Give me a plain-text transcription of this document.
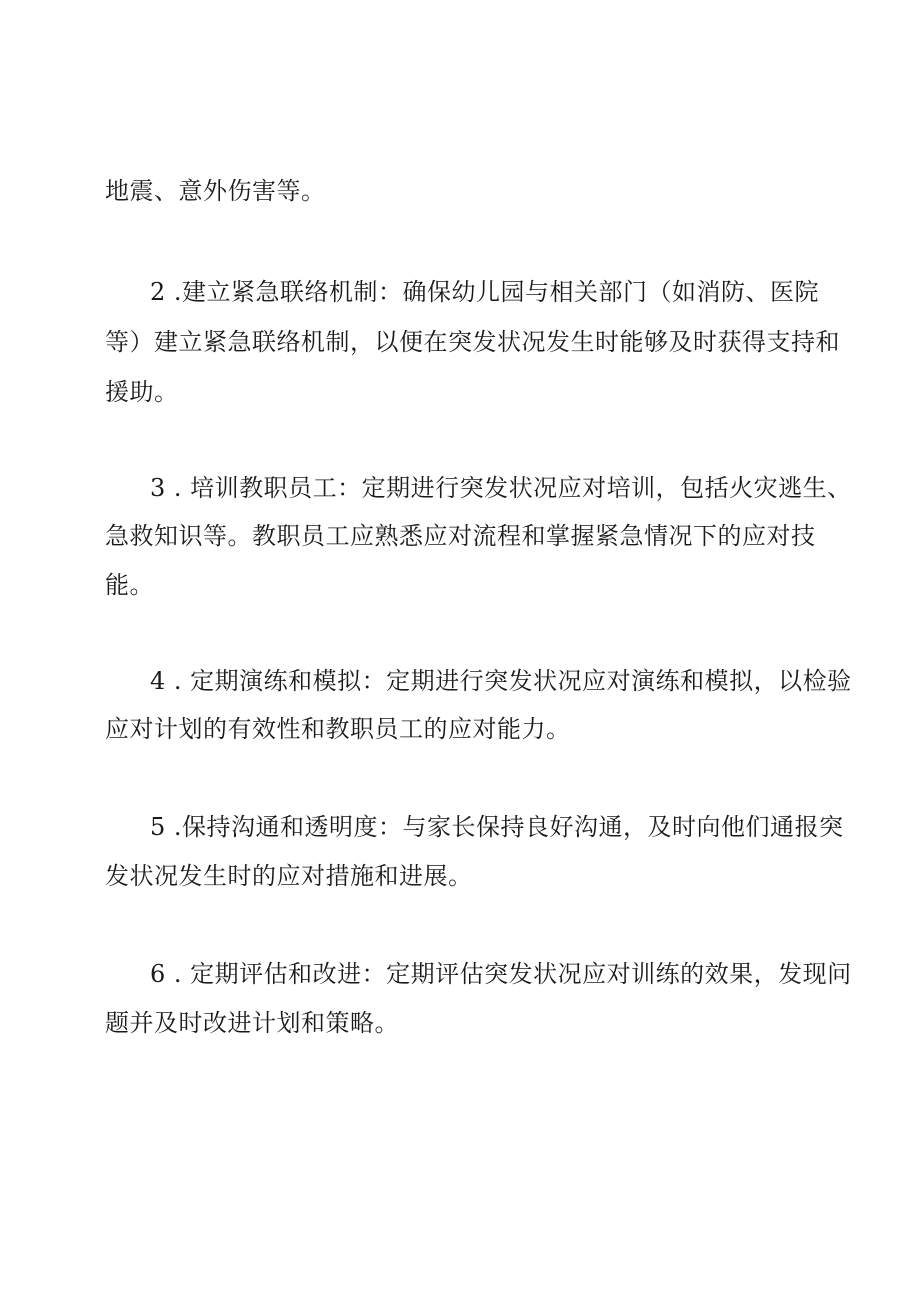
地震、意外伤害等。
2 .建立紧急联络机制：确保幼儿园与相关部门（如消防、医院
等）建立紧急联络机制，以便在突发状况发生时能够及时获得支持和
援助。
3 . 培训教职员工：定期进行突发状况应对培训，包括火灾逃生、
急救知识等。教职员工应熟悉应对流程和掌握紧急情况下的应对技
能。
4 . 定期演练和模拟：定期进行突发状况应对演练和模拟，以检验
应对计划的有效性和教职员工的应对能力。
5 .保持沟通和透明度：与家长保持良好沟通，及时向他们通报突
发状况发生时的应对措施和进展。
6 . 定期评估和改进：定期评估突发状况应对训练的效果，发现问
题并及时改进计划和策略。
